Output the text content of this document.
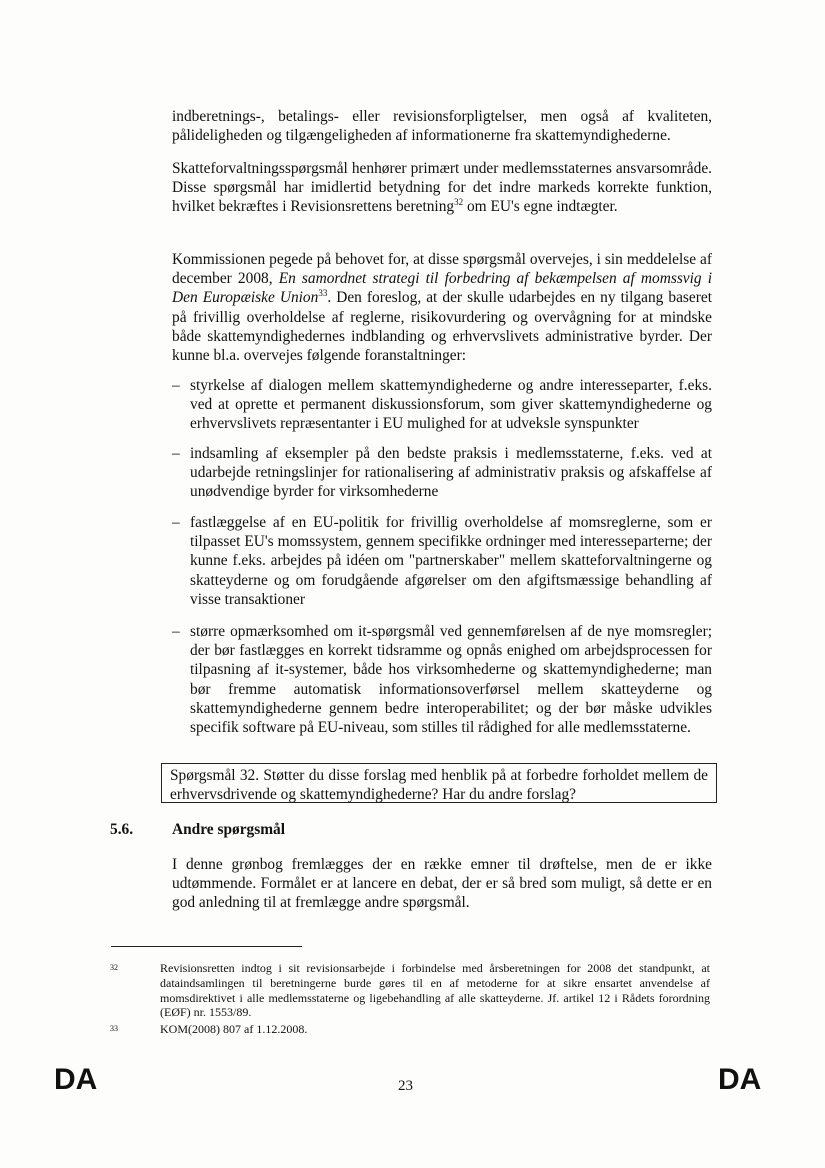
indberetnings-, betalings- eller revisionsforpligtelser, men også af kvaliteten, pålideligheden og tilgængeligheden af informationerne fra skattemyndighederne.

Skatteforvaltningsspørgsmål henhører primært under medlemsstaternes ansvarsområde. Disse spørgsmål har imidlertid betydning for det indre markeds korrekte funktion, hvilket bekræftes i Revisionsrettens beretning$^{32}$ om EU's egne indtægter.

Kommissionen pegede på behovet for, at disse spørgsmål overvejes, i sin meddelelse af december 2008, En samordnet strategi til forbedring af bekæmpelsen af momssvig i Den Europæiske Union$^{33}$. Den foreslog, at der skulle udarbejdes en ny tilgang baseret på frivillig overholdelse af reglerne, risikovurdering og overvågning for at mindske både skattemyndighedernes indblanding og erhvervslivets administrative byrder. Der kunne bl.a. overvejes følgende foranstaltninger:

– styrkelse af dialogen mellem skattemyndighederne og andre interesseparter, f.eks. ved at oprette et permanent diskussionsforum, som giver skattemyndighederne og erhvervslivets repræsentanter i EU mulighed for at udveksle synspunkter
– indsamling af eksempler på den bedste praksis i medlemsstaterne, f.eks. ved at udarbejde retningslinjer for rationalisering af administrativ praksis og afskaffelse af unødvendige byrder for virksomhederne
– fastlæggelse af en EU-politik for frivillig overholdelse af momsreglerne, som er tilpasset EU's momssystem, gennem specifikke ordninger med interesseparterne; der kunne f.eks. arbejdes på idéen om "partnerskaber" mellem skatteforvaltningerne og skatteyderne og om forudgående afgørelser om den afgiftsmæssige behandling af visse transaktioner
– større opmærksomhed om it-spørgsmål ved gennemførelsen af de nye momsregler; der bør fastlægges en korrekt tidsramme og opnås enighed om arbejdsprocessen for tilpasning af it-systemer, både hos virksomhederne og skattemyndighederne; man bør fremme automatisk informationsoverførsel mellem skatteyderne og skattemyndighederne gennem bedre interoperabilitet; og der bør måske udvikles specifik software på EU-niveau, som stilles til rådighed for alle medlemsstaterne.
Spørgsmål 32. Støtter du disse forslag med henblik på at forbedre forholdet mellem de erhvervsdrivende og skattemyndighederne? Har du andre forslag?
5.6.	Andre spørgsmål

I denne grønbog fremlægges der en række emner til drøftelse, men de er ikke udtømmende. Formålet er at lancere en debat, der er så bred som muligt, så dette er en god anledning til at fremlægge andre spørgsmål.

32	Revisionsretten indtog i sit revisionsarbejde i forbindelse med årsberetningen for 2008 det standpunkt, at dataindsamlingen til beretningerne burde gøres til en af metoderne for at sikre ensartet anvendelse af momsdirektivet i alle medlemsstaterne og ligebehandling af alle skatteyderne. Jf. artikel 12 i Rådets forordning (EØF) nr. 1553/89.
33	KOM(2008) 807 af 1.12.2008.
DA	23	DA
